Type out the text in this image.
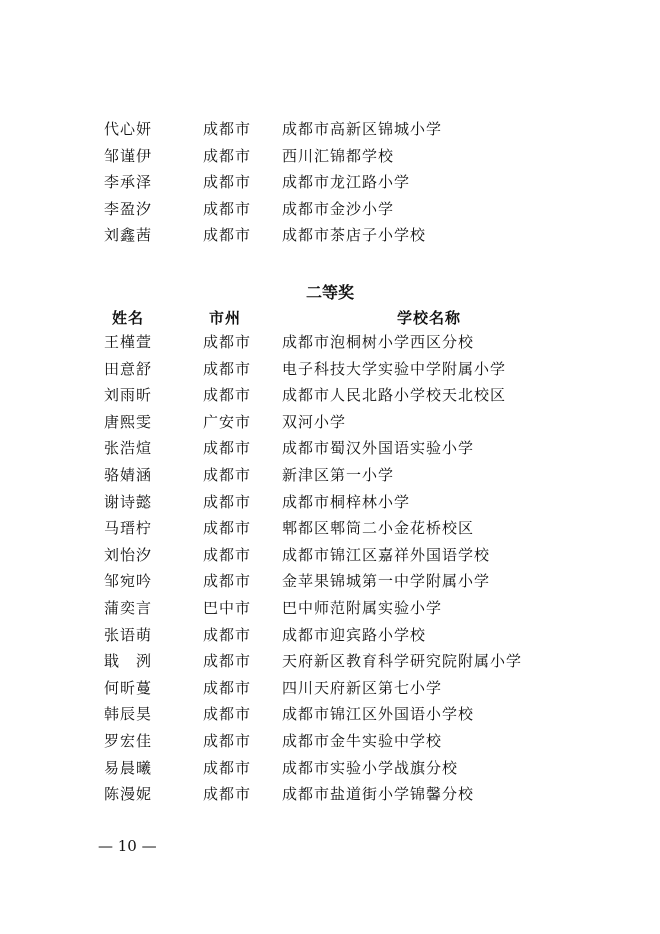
代心妍	成都市 成都市高新区锦城小学
邹谨伊	成都市 西川汇锦都学校
李承泽	成都市 成都市龙江路小学
李盈汐	成都市 成都市金沙小学
刘鑫茜	成都市 成都市茶店子小学校
二等奖
姓名	市州	学校名称
王槿萱	成都市 成都市泡桐树小学西区分校
田意舒	成都市 电子科技大学实验中学附属小学
刘雨昕	成都市 成都市人民北路小学校天北校区
唐熙雯	广安市 双河小学
张浩煊	成都市 成都市蜀汉外国语实验小学
骆婧涵	成都市 新津区第一小学
谢诗懿	成都市 成都市桐梓林小学
马瑨柠	成都市 郫都区郫筒二小金花桥校区
刘怡汐	成都市 成都市锦江区嘉祥外国语学校
邹宛吟	成都市 金苹果锦城第一中学附属小学
蒲奕言	巴中市 巴中师范附属实验小学
张语萌	成都市 成都市迎宾路小学校
戢　洌	成都市 天府新区教育科学研究院附属小学
何昕蔓	成都市 四川天府新区第七小学
韩辰昊	成都市 成都市锦江区外国语小学校
罗宏佳	成都市 成都市金牛实验中学校
易晨曦	成都市 成都市实验小学战旗分校
陈漫妮	成都市 成都市盐道街小学锦馨分校
— 10 —
